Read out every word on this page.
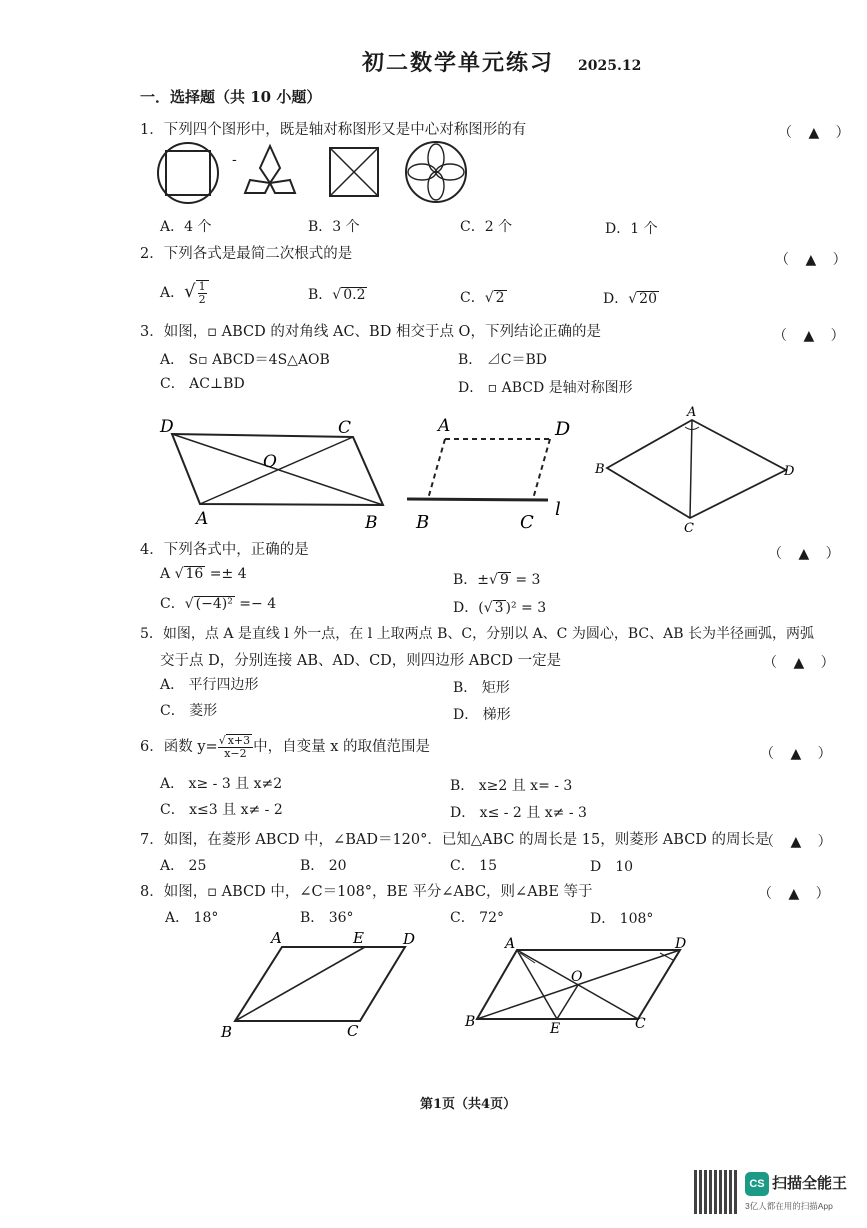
初二数学单元练习 2025.12
一．选择题（共 10 小题）
1．下列四个图形中，既是轴对称图形又是中心对称图形的有	（ ▲ ）
-
A．4 个	B．3 个	C．2 个	D．1 个
2．下列各式是最简二次根式的是	（ ▲ ）
A．√ $\frac{1}{2}$	B．√ 0.2	C．√ 2	D．√ 20
3．如图，▫ ABCD 的对角线 AC、BD 相交于点 O，下列结论正确的是	（ ▲ ）
A． S▫ ABCD＝4S△AOB	B． ⊿C＝BD
C． AC⊥BD	D． ▫ ABCD 是轴对称图形
D	C
O
A	B
A	D
B	C
l
A
B
C
D
4．下列各式中，正确的是	（ ▲ ）
A √ 16 =± 4	B．±√ 9 = 3
C．√ (−4)² =− 4	D．(√ 3 )² = 3
5．如图，点 A 是直线 l 外一点，在 l 上取两点 B、C，分别以 A、C 为圆心，BC、AB 长为半径画弧，两弧
交于点 D，分别连接 AB、AD、CD，则四边形 ABCD 一定是	（ ▲ ）
A． 平行四边形	B． 矩形
C． 菱形	D． 梯形
6．函数 $y= \frac{√ x+3}{x-2}$ 中，自变量 x 的取值范围是	（ ▲ ）
A． x≥ - 3 且 x≠2	B． x≥2 且 x= - 3
C． x≤3 且 x≠ - 2	D． x≤ - 2 且 x≠ - 3
7．如图，在菱形 ABCD 中，∠BAD＝120°．已知△ABC 的周长是 15，则菱形 ABCD 的周长是
（ ▲ ）
A． 25	B． 20	C． 15	D　10
8．如图，▫ ABCD 中，∠C＝108°，BE 平分∠ABC，则∠ABE 等于	（ ▲ ）
A． 18°	B． 36°	C． 72°	D． 108°
A	E	D
B	C
A	D
O
B	E	C
第1页（共4页）
CS 扫描全能王
3亿人都在用的扫描App
